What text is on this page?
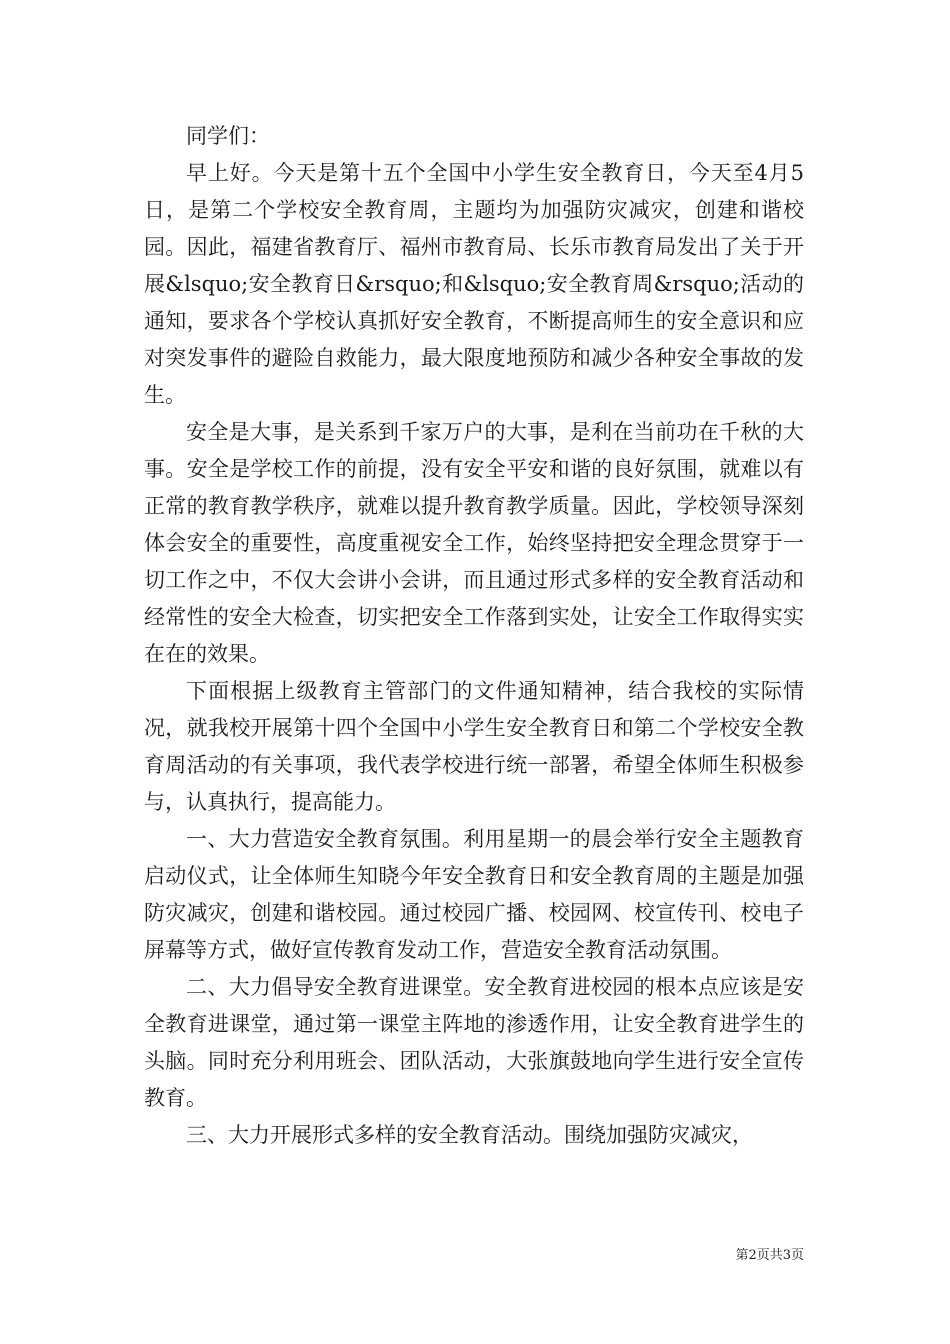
同学们：

早上好。今天是第十五个全国中小学生安全教育日，今天至4月5日，是第二个学校安全教育周，主题均为加强防灾减灾，创建和谐校园。因此，福建省教育厅、福州市教育局、长乐市教育局发出了关于开展&lsquo;安全教育日&rsquo;和&lsquo;安全教育周&rsquo;活动的通知，要求各个学校认真抓好安全教育，不断提高师生的安全意识和应对突发事件的避险自救能力，最大限度地预防和减少各种安全事故的发生。

安全是大事，是关系到千家万户的大事，是利在当前功在千秋的大事。安全是学校工作的前提，没有安全平安和谐的良好氛围，就难以有正常的教育教学秩序，就难以提升教育教学质量。因此，学校领导深刻体会安全的重要性，高度重视安全工作，始终坚持把安全理念贯穿于一切工作之中，不仅大会讲小会讲，而且通过形式多样的安全教育活动和经常性的安全大检查，切实把安全工作落到实处，让安全工作取得实实在在的效果。

下面根据上级教育主管部门的文件通知精神，结合我校的实际情况，就我校开展第十四个全国中小学生安全教育日和第二个学校安全教育周活动的有关事项，我代表学校进行统一部署，希望全体师生积极参与，认真执行，提高能力。

一、大力营造安全教育氛围。利用星期一的晨会举行安全主题教育启动仪式，让全体师生知晓今年安全教育日和安全教育周的主题是加强防灾减灾，创建和谐校园。通过校园广播、校园网、校宣传刊、校电子屏幕等方式，做好宣传教育发动工作，营造安全教育活动氛围。

二、大力倡导安全教育进课堂。安全教育进校园的根本点应该是安全教育进课堂，通过第一课堂主阵地的渗透作用，让安全教育进学生的头脑。同时充分利用班会、团队活动，大张旗鼓地向学生进行安全宣传教育。

三、大力开展形式多样的安全教育活动。围绕加强防灾减灾，

第2页共3页
